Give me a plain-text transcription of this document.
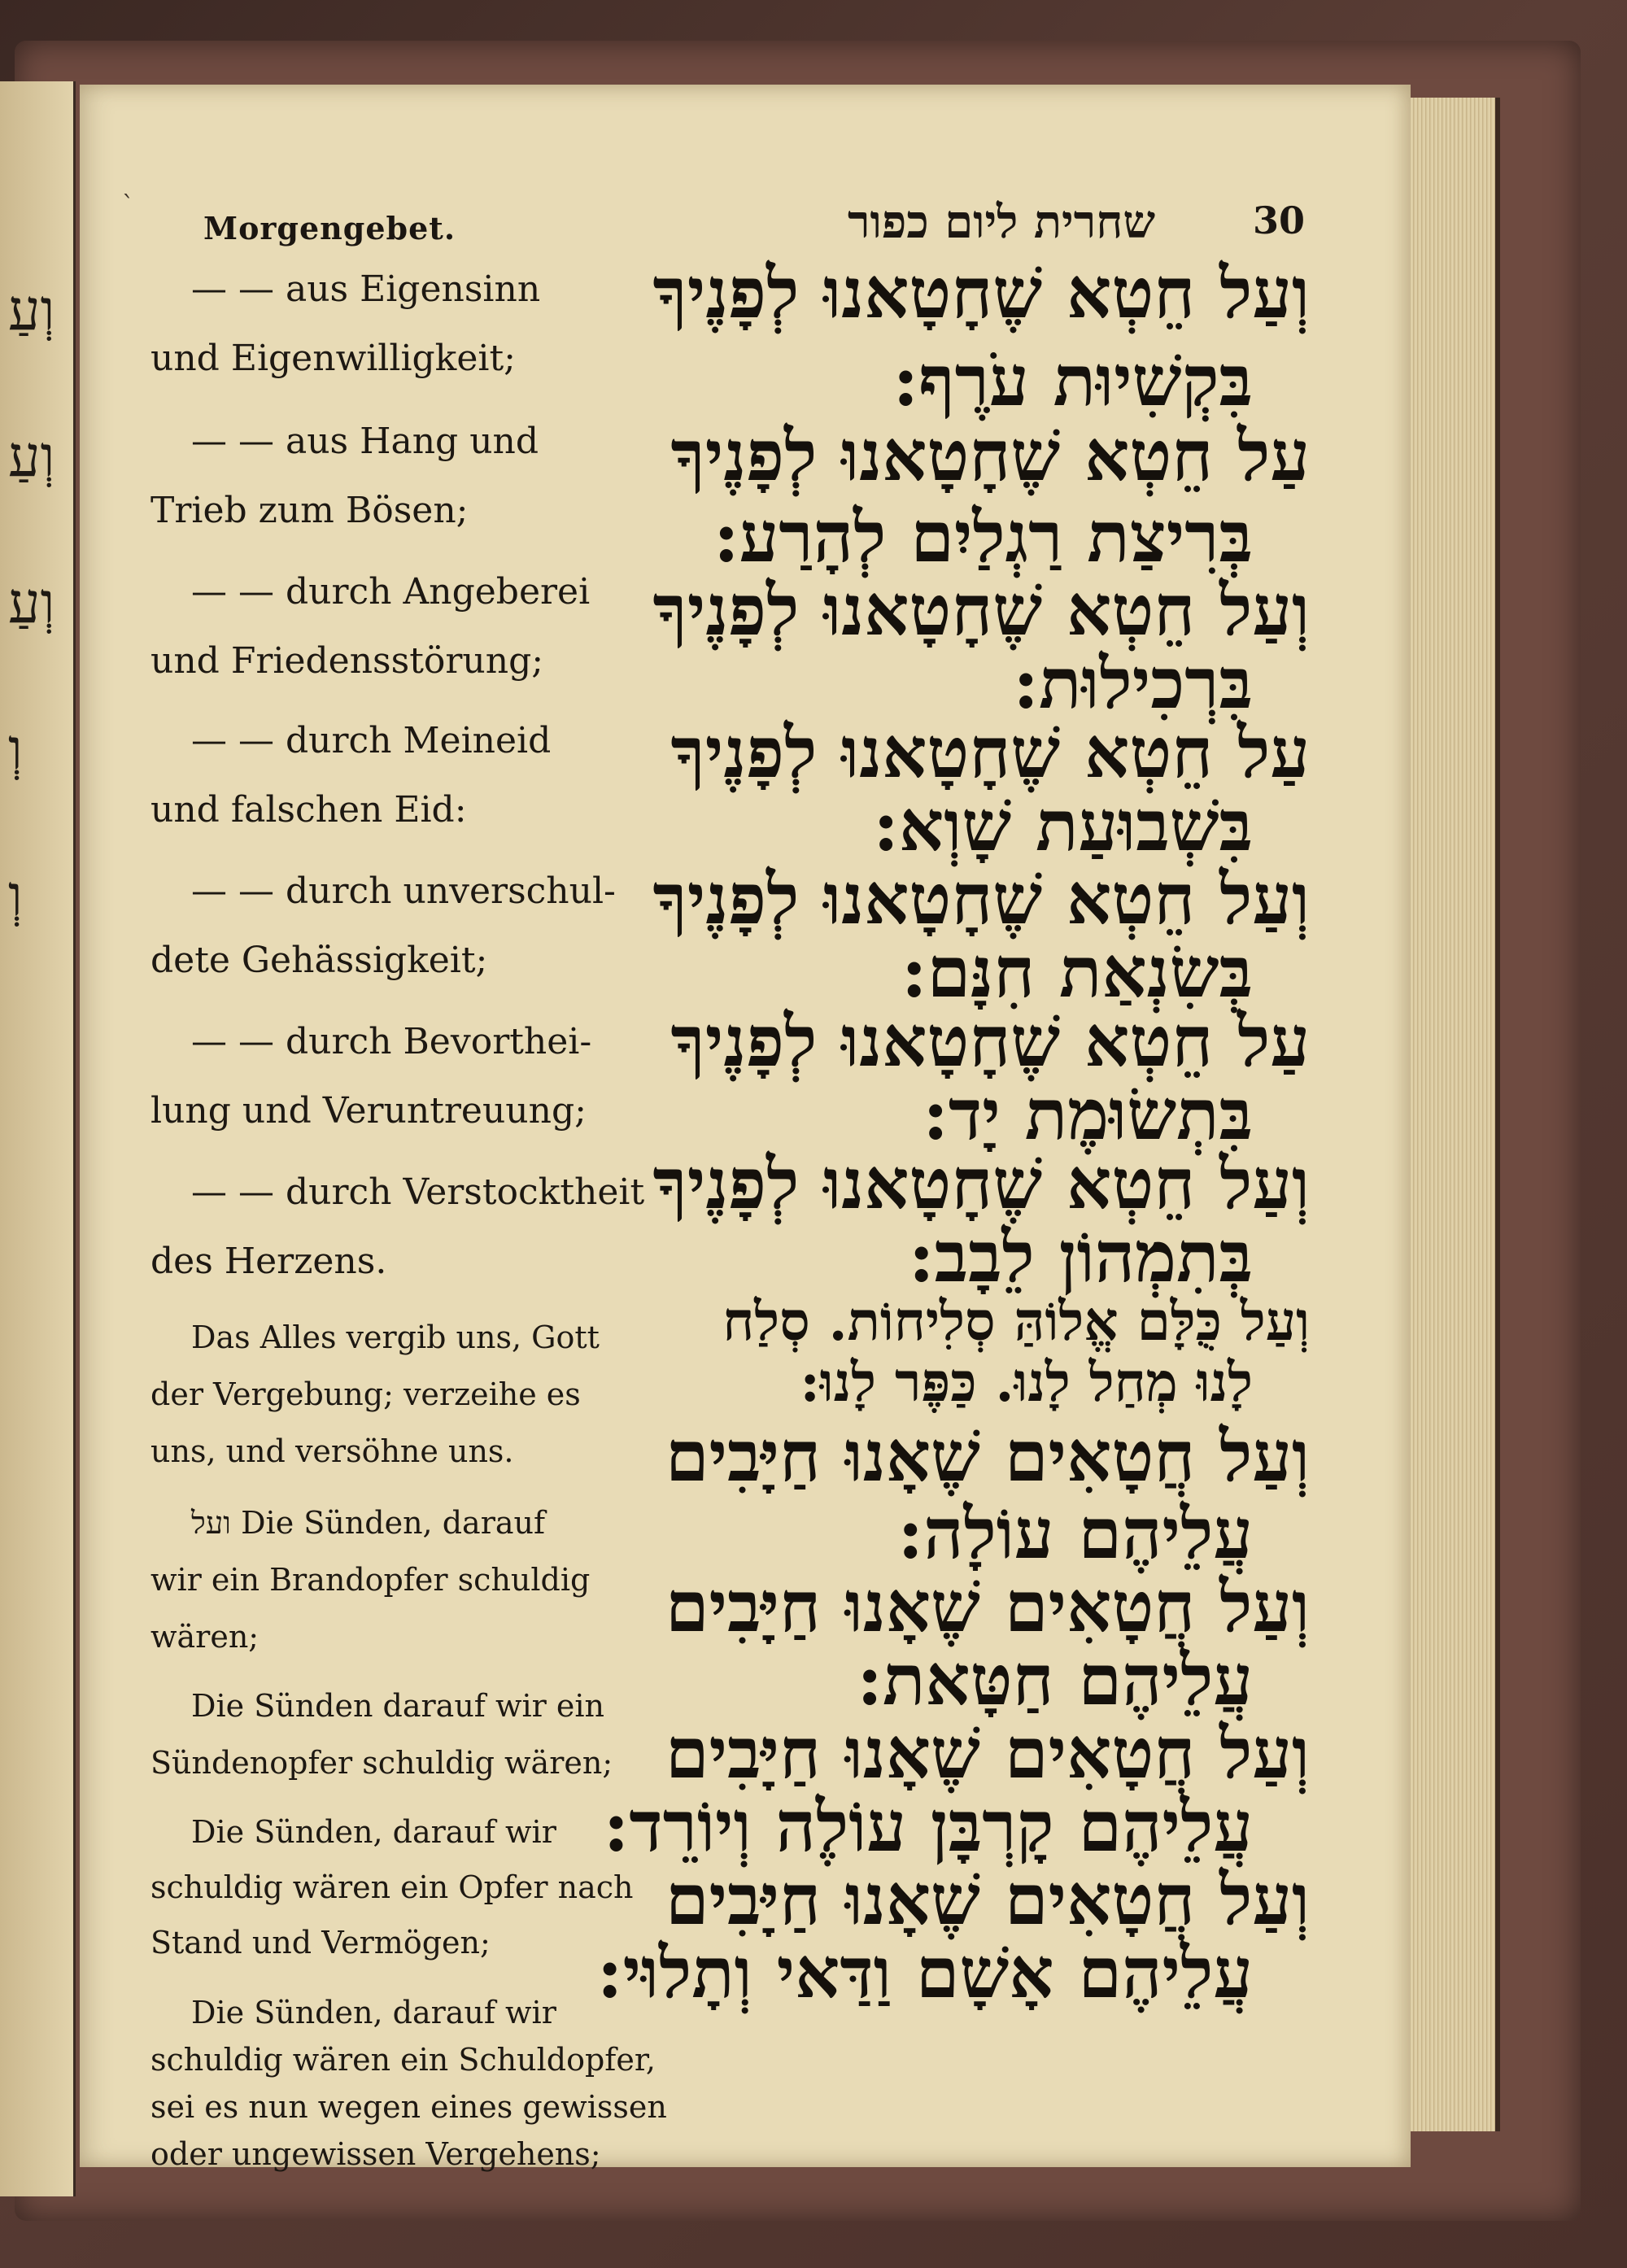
וְעַ
וְעַ
וְעַ
וְ
וְ
Morgengebet.	שחרית ליום כפור	30
`
— — aus Eigensinn
und Eigenwilligkeit;
— — aus Hang und
Trieb zum Bösen;
— — durch Angeberei
und Friedensstörung;
— — durch Meineid
und falschen Eid:
— — durch unverschul-
dete Gehässigkeit;
— — durch Bevorthei-
lung und Veruntreuung;
— — durch Verstocktheit
des Herzens.
Das Alles vergib uns, Gott
der Vergebung; verzeihe es
uns, und versöhne uns.
ועל Die Sünden, darauf
wir ein Brandopfer schuldig
wären;
Die Sünden darauf wir ein
Sündenopfer schuldig wären;
Die Sünden, darauf wir
schuldig wären ein Opfer nach
Stand und Vermögen;
Die Sünden, darauf wir
schuldig wären ein Schuldopfer,
sei es nun wegen eines gewissen
oder ungewissen Vergehens;
וְעַל חֵטְא שֶׁחָטָאנוּ לְפָנֶיךָ
בִּקְשִׁיוּת עֹרֶף:
עַל חֵטְא שֶׁחָטָאנוּ לְפָנֶיךָ
בְּרִיצַת רַגְלַיִם לְהָרַע:
וְעַל חֵטְא שֶׁחָטָאנוּ לְפָנֶיךָ
בִּרְכִילוּת:
עַל חֵטְא שֶׁחָטָאנוּ לְפָנֶיךָ
בִּשְׁבוּעַת שָׁוְא:
וְעַל חֵטְא שֶׁחָטָאנוּ לְפָנֶיךָ
בְּשִׂנְאַת חִנָּם:
עַל חֵטְא שֶׁחָטָאנוּ לְפָנֶיךָ
בִּתְשׂוּמֶת יָד:
וְעַל חֵטְא שֶׁחָטָאנוּ לְפָנֶיךָ
בְּתִמְהוֹן לֵבָב:
וְעַל כֻּלָּם אֱלוֹהַּ סְלִיחוֹת. סְלַח
לָנוּ מְחַל לָנוּ. כַּפֶּר לָנוּ:
וְעַל חֲטָאִים שֶׁאָנוּ חַיָּבִים
עֲלֵיהֶם עוֹלָה:
וְעַל חֲטָאִים שֶׁאָנוּ חַיָּבִים
עֲלֵיהֶם חַטָּאת:
וְעַל חֲטָאִים שֶׁאָנוּ חַיָּבִים
עֲלֵיהֶם קָרְבָּן עוֹלֶה וְיוֹרֵד:
וְעַל חֲטָאִים שֶׁאָנוּ חַיָּבִים
עֲלֵיהֶם אָשָׁם וַדַּאי וְתָלוּי:
